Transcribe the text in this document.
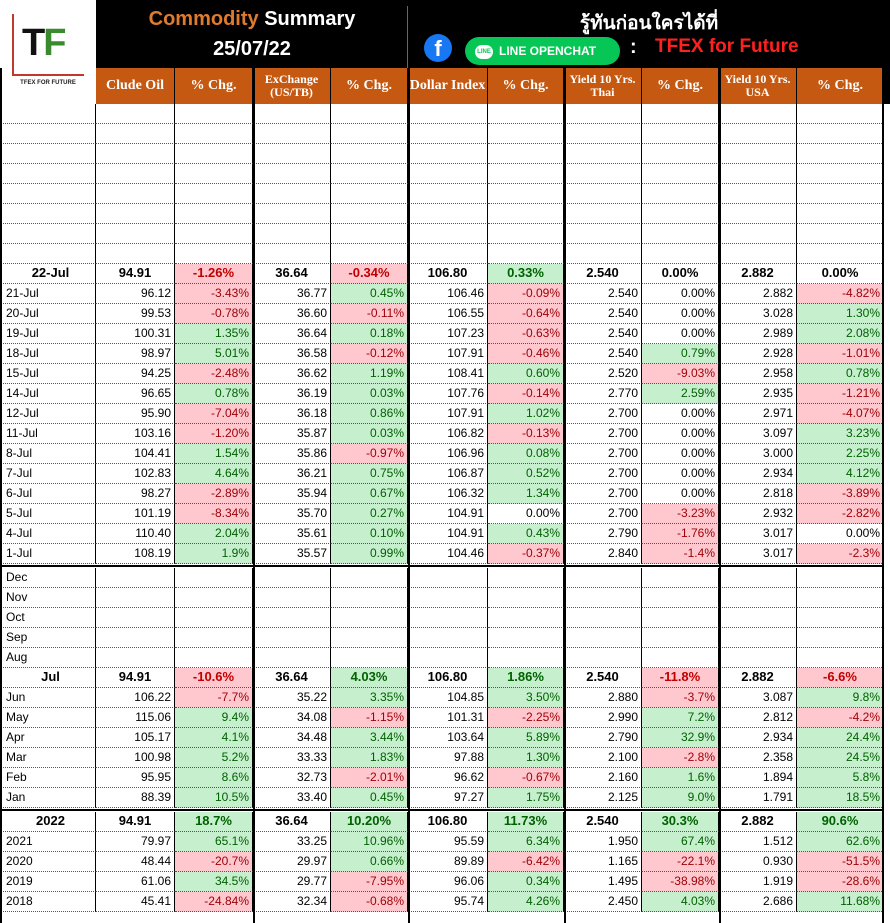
TF
TFEX FOR FUTURE
Commodity Summary
25/07/22
รู้ทันก่อนใครได้ที่
f	LINE LINE OPENCHAT	: TFEX for Future
Clude Oil	% Chg.	ExChange (US/TB)	% Chg.	Dollar Index	% Chg.	Yield 10 Yrs. Thai	% Chg.	Yield 10 Yrs. USA	% Chg.
22-Jul	94.91	-1.26%	36.64	-0.34%	106.80	0.33%	2.540	0.00%	2.882	0.00%
21-Jul	96.12	-3.43%	36.77	0.45%	106.46	-0.09%	2.540	0.00%	2.882	-4.82%
20-Jul	99.53	-0.78%	36.60	-0.11%	106.55	-0.64%	2.540	0.00%	3.028	1.30%
19-Jul	100.31	1.35%	36.64	0.18%	107.23	-0.63%	2.540	0.00%	2.989	2.08%
18-Jul	98.97	5.01%	36.58	-0.12%	107.91	-0.46%	2.540	0.79%	2.928	-1.01%
15-Jul	94.25	-2.48%	36.62	1.19%	108.41	0.60%	2.520	-9.03%	2.958	0.78%
14-Jul	96.65	0.78%	36.19	0.03%	107.76	-0.14%	2.770	2.59%	2.935	-1.21%
12-Jul	95.90	-7.04%	36.18	0.86%	107.91	1.02%	2.700	0.00%	2.971	-4.07%
11-Jul	103.16	-1.20%	35.87	0.03%	106.82	-0.13%	2.700	0.00%	3.097	3.23%
8-Jul	104.41	1.54%	35.86	-0.97%	106.96	0.08%	2.700	0.00%	3.000	2.25%
7-Jul	102.83	4.64%	36.21	0.75%	106.87	0.52%	2.700	0.00%	2.934	4.12%
6-Jul	98.27	-2.89%	35.94	0.67%	106.32	1.34%	2.700	0.00%	2.818	-3.89%
5-Jul	101.19	-8.34%	35.70	0.27%	104.91	0.00%	2.700	-3.23%	2.932	-2.82%
4-Jul	110.40	2.04%	35.61	0.10%	104.91	0.43%	2.790	-1.76%	3.017	0.00%
1-Jul	108.19	1.9%	35.57	0.99%	104.46	-0.37%	2.840	-1.4%	3.017	-2.3%
Dec
Nov
Oct
Sep
Aug
Jul	94.91	-10.6%	36.64	4.03%	106.80	1.86%	2.540	-11.8%	2.882	-6.6%
Jun	106.22	-7.7%	35.22	3.35%	104.85	3.50%	2.880	-3.7%	3.087	9.8%
May	115.06	9.4%	34.08	-1.15%	101.31	-2.25%	2.990	7.2%	2.812	-4.2%
Apr	105.17	4.1%	34.48	3.44%	103.64	5.89%	2.790	32.9%	2.934	24.4%
Mar	100.98	5.2%	33.33	1.83%	97.88	1.30%	2.100	-2.8%	2.358	24.5%
Feb	95.95	8.6%	32.73	-2.01%	96.62	-0.67%	2.160	1.6%	1.894	5.8%
Jan	88.39	10.5%	33.40	0.45%	97.27	1.75%	2.125	9.0%	1.791	18.5%
2022	94.91	18.7%	36.64	10.20%	106.80	11.73%	2.540	30.3%	2.882	90.6%
2021	79.97	65.1%	33.25	10.96%	95.59	6.34%	1.950	67.4%	1.512	62.6%
2020	48.44	-20.7%	29.97	0.66%	89.89	-6.42%	1.165	-22.1%	0.930	-51.5%
2019	61.06	34.5%	29.77	-7.95%	96.06	0.34%	1.495	-38.98%	1.919	-28.6%
2018	45.41	-24.84%	32.34	-0.68%	95.74	4.26%	2.450	4.03%	2.686	11.68%
